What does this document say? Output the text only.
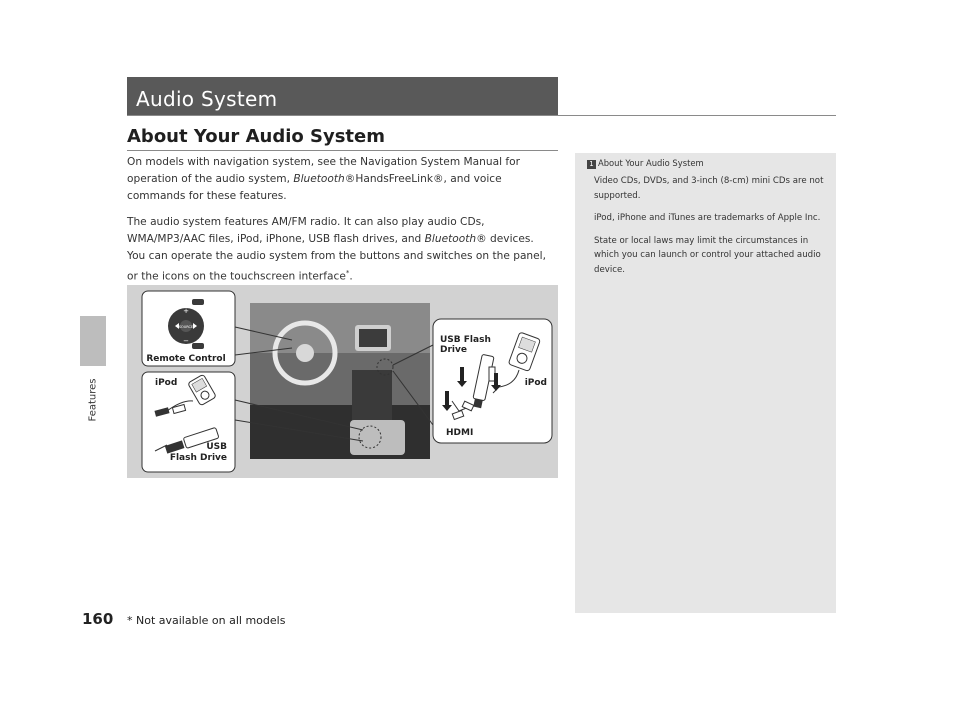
Features
Audio System
About Your Audio System

On models with navigation system, see the Navigation System Manual for operation of the audio system, Bluetooth®HandsFreeLink®, and voice commands for these features.

The audio system features AM/FM radio. It can also play audio CDs, WMA/MP3/AAC files, iPod, iPhone, USB flash drives, and Bluetooth® devices.

You can operate the audio system from the buttons and switches on the panel, or the icons on the touchscreen interface*.

1 About Your Audio System

Video CDs, DVDs, and 3-inch (8-cm) mini CDs are not supported.

iPod, iPhone and iTunes are trademarks of Apple Inc.

State or local laws may limit the circumstances in which you can launch or control your attached audio device.

SOURCE
+
−
Remote Control
iPod
USB
Flash Drive
USB Flash
Drive
iPod
HDMI
160 * Not available on all models
